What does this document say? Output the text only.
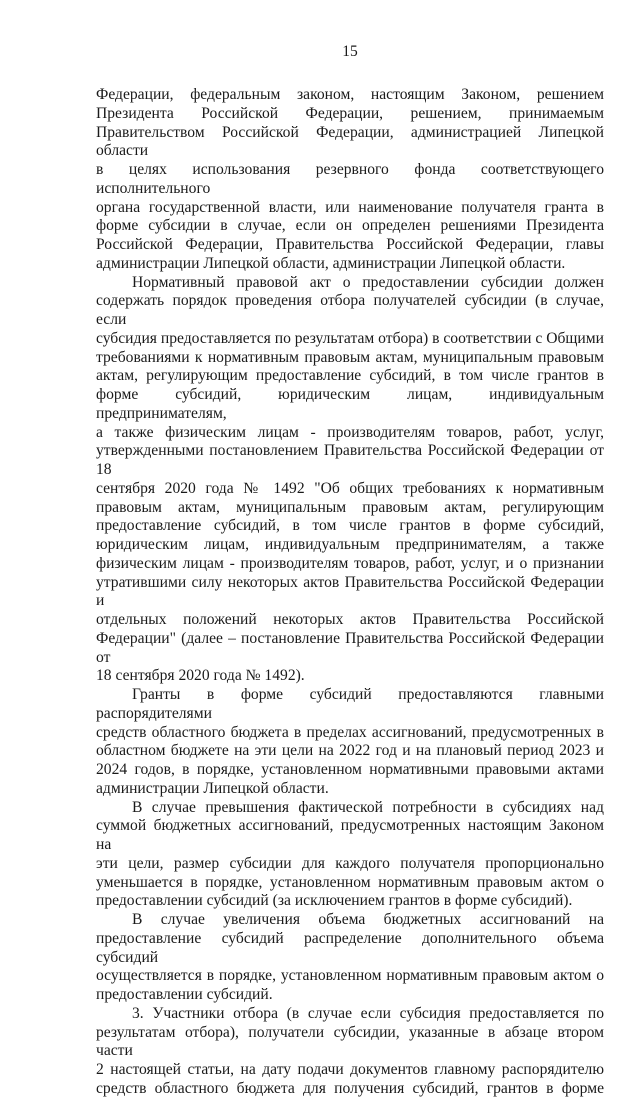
15
Федерации, федеральным законом, настоящим Законом, решением
Президента Российской Федерации, решением, принимаемым
Правительством Российской Федерации, администрацией Липецкой области
в целях использования резервного фонда соответствующего исполнительного
органа государственной власти, или наименование получателя гранта в
форме субсидии в случае, если он определен решениями Президента
Российской Федерации, Правительства Российской Федерации, главы
администрации Липецкой области, администрации Липецкой области.
Нормативный правовой акт о предоставлении субсидии должен
содержать порядок проведения отбора получателей субсидии (в случае, если
субсидия предоставляется по результатам отбора) в соответствии с Общими
требованиями к нормативным правовым актам, муниципальным правовым
актам, регулирующим предоставление субсидий, в том числе грантов в
форме субсидий, юридическим лицам, индивидуальным предпринимателям,
а также физическим лицам - производителям товаров, работ, услуг,
утвержденными постановлением Правительства Российской Федерации от 18
сентября 2020 года № 1492 "Об общих требованиях к нормативным
правовым актам, муниципальным правовым актам, регулирующим
предоставление субсидий, в том числе грантов в форме субсидий,
юридическим лицам, индивидуальным предпринимателям, а также
физическим лицам - производителям товаров, работ, услуг, и о признании
утратившими силу некоторых актов Правительства Российской Федерации и
отдельных положений некоторых актов Правительства Российской
Федерации" (далее – постановление Правительства Российской Федерации от
18 сентября 2020 года № 1492).
Гранты в форме субсидий предоставляются главными распорядителями
средств областного бюджета в пределах ассигнований, предусмотренных в
областном бюджете на эти цели на 2022 год и на плановый период 2023 и
2024 годов, в порядке, установленном нормативными правовыми актами
администрации Липецкой области.
В случае превышения фактической потребности в субсидиях над
суммой бюджетных ассигнований, предусмотренных настоящим Законом на
эти цели, размер субсидии для каждого получателя пропорционально
уменьшается в порядке, установленном нормативным правовым актом о
предоставлении субсидий (за исключением грантов в форме субсидий).
В случае увеличения объема бюджетных ассигнований на
предоставление субсидий распределение дополнительного объема субсидий
осуществляется в порядке, установленном нормативным правовым актом о
предоставлении субсидий.
3. Участники отбора (в случае если субсидия предоставляется по
результатам отбора), получатели субсидии, указанные в абзаце втором части
2 настоящей статьи, на дату подачи документов главному распорядителю
средств областного бюджета для получения субсидий, грантов в форме
